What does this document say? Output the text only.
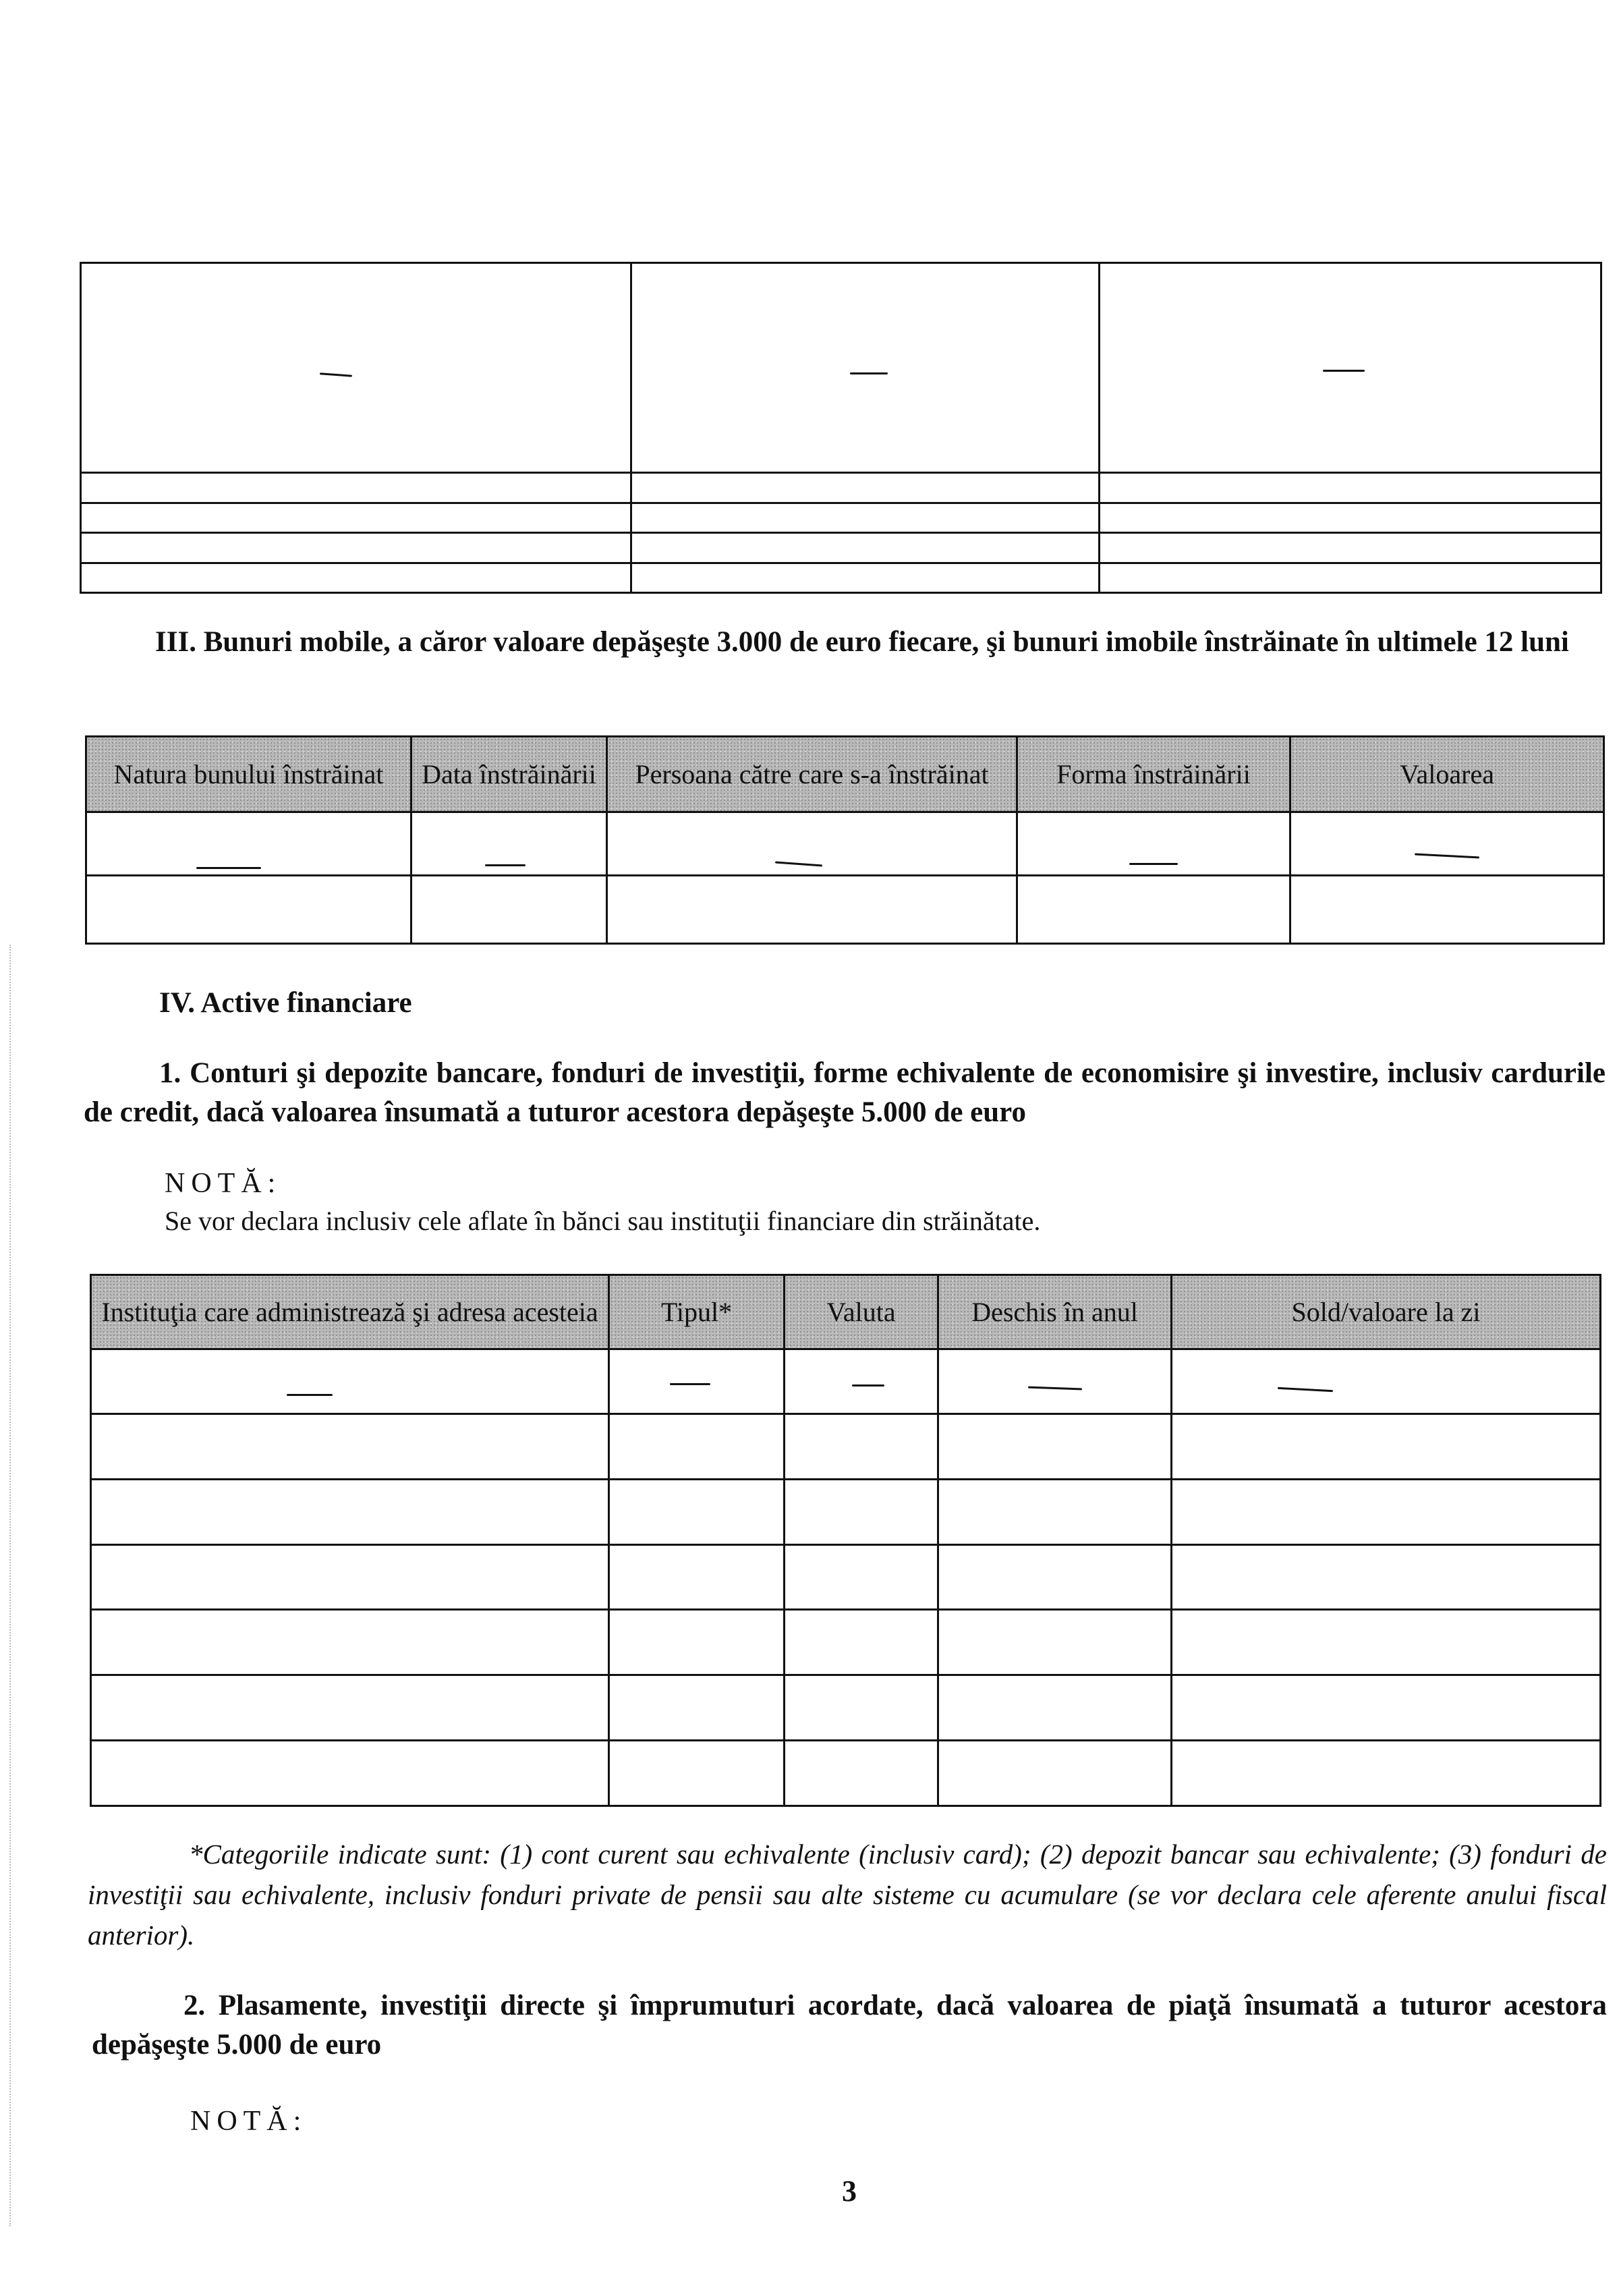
III. Bunuri mobile, a căror valoare depăşeşte 3.000 de euro fiecare, şi bunuri imobile înstrăinate în ultimele 12 luni
Natura bunului înstrăinat	Data înstrăinării	Persoana către care s-a înstrăinat	Forma înstrăinării	Valoarea

IV. Active financiare
1. Conturi şi depozite bancare, fonduri de investiţii, forme echivalente de economisire şi investire, inclusiv cardurile de credit, dacă valoarea însumată a tuturor acestora depăşeşte 5.000 de euro
NOTĂ:
Se vor declara inclusiv cele aflate în bănci sau instituţii financiare din străinătate.
Instituţia care administrează şi adresa acesteia	Tipul*	Valuta	Deschis în anul	Sold/valoare la zi

*Categoriile indicate sunt: (1) cont curent sau echivalente (inclusiv card); (2) depozit bancar sau echivalente; (3) fonduri de investiţii sau echivalente, inclusiv fonduri private de pensii sau alte sisteme cu acumulare (se vor declara cele aferente anului fiscal anterior).
2. Plasamente, investiţii directe şi împrumuturi acordate, dacă valoarea de piaţă însumată a tuturor acestora depăşeşte 5.000 de euro
NOTĂ:
3
